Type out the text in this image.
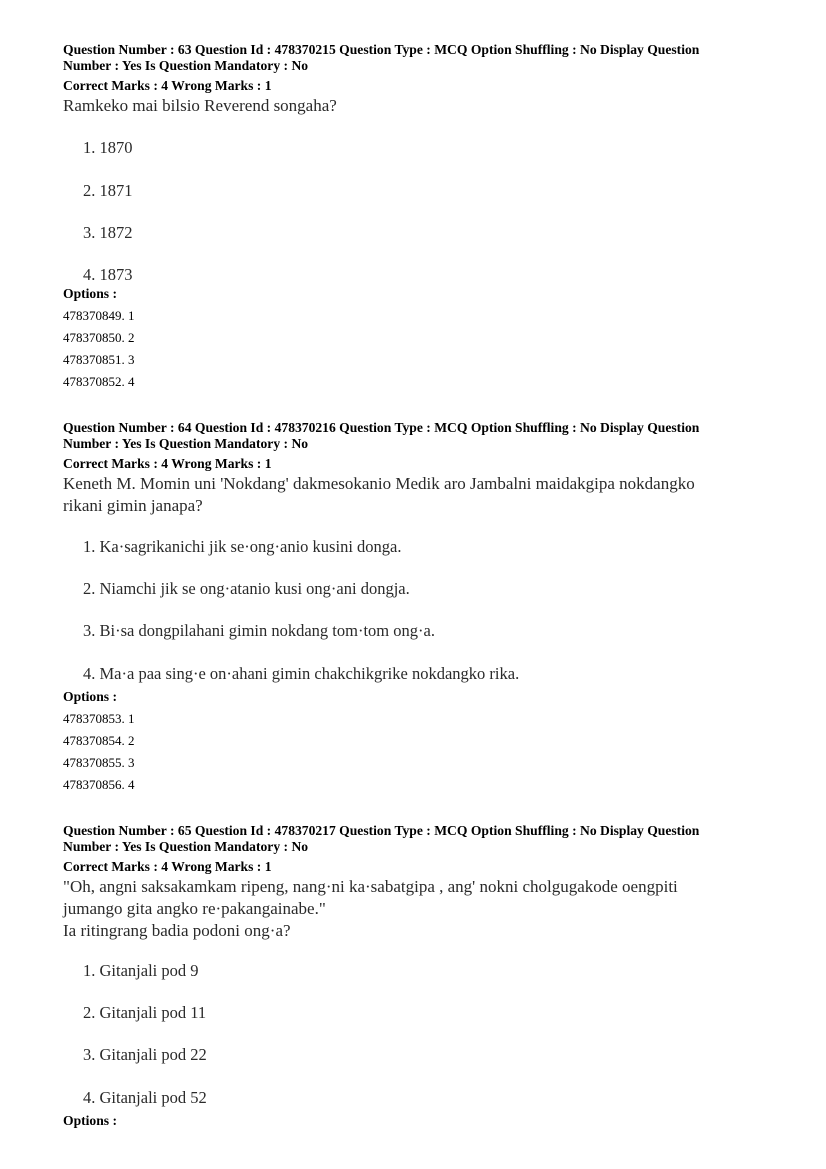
Question Number : 63 Question Id : 478370215 Question Type : MCQ Option Shuffling : No Display Question
Number : Yes Is Question Mandatory : No
Correct Marks : 4 Wrong Marks : 1
Ramkeko mai bilsio Reverend songaha?
1. 1870
2. 1871
3. 1872
4. 1873
Options :
478370849. 1
478370850. 2
478370851. 3
478370852. 4
Question Number : 64 Question Id : 478370216 Question Type : MCQ Option Shuffling : No Display Question
Number : Yes Is Question Mandatory : No
Correct Marks : 4 Wrong Marks : 1
Keneth M. Momin uni 'Nokdang' dakmesokanio Medik aro Jambalni maidakgipa nokdangko
rikani gimin janapa?
1. Ka·sagrikanichi jik se·ong·anio kusini donga.
2. Niamchi jik se ong·atanio kusi ong·ani dongja.
3. Bi·sa dongpilahani gimin nokdang tom·tom ong·a.
4. Ma·a paa sing·e on·ahani gimin chakchikgrike nokdangko rika.
Options :
478370853. 1
478370854. 2
478370855. 3
478370856. 4
Question Number : 65 Question Id : 478370217 Question Type : MCQ Option Shuffling : No Display Question
Number : Yes Is Question Mandatory : No
Correct Marks : 4 Wrong Marks : 1
"Oh, angni saksakamkam ripeng, nang·ni ka·sabatgipa , ang' nokni cholgugakode oengpiti
jumango gita angko re·pakangainabe."
Ia ritingrang badia podoni ong·a?
1. Gitanjali pod 9
2. Gitanjali pod 11
3. Gitanjali pod 22
4. Gitanjali pod 52
Options :
